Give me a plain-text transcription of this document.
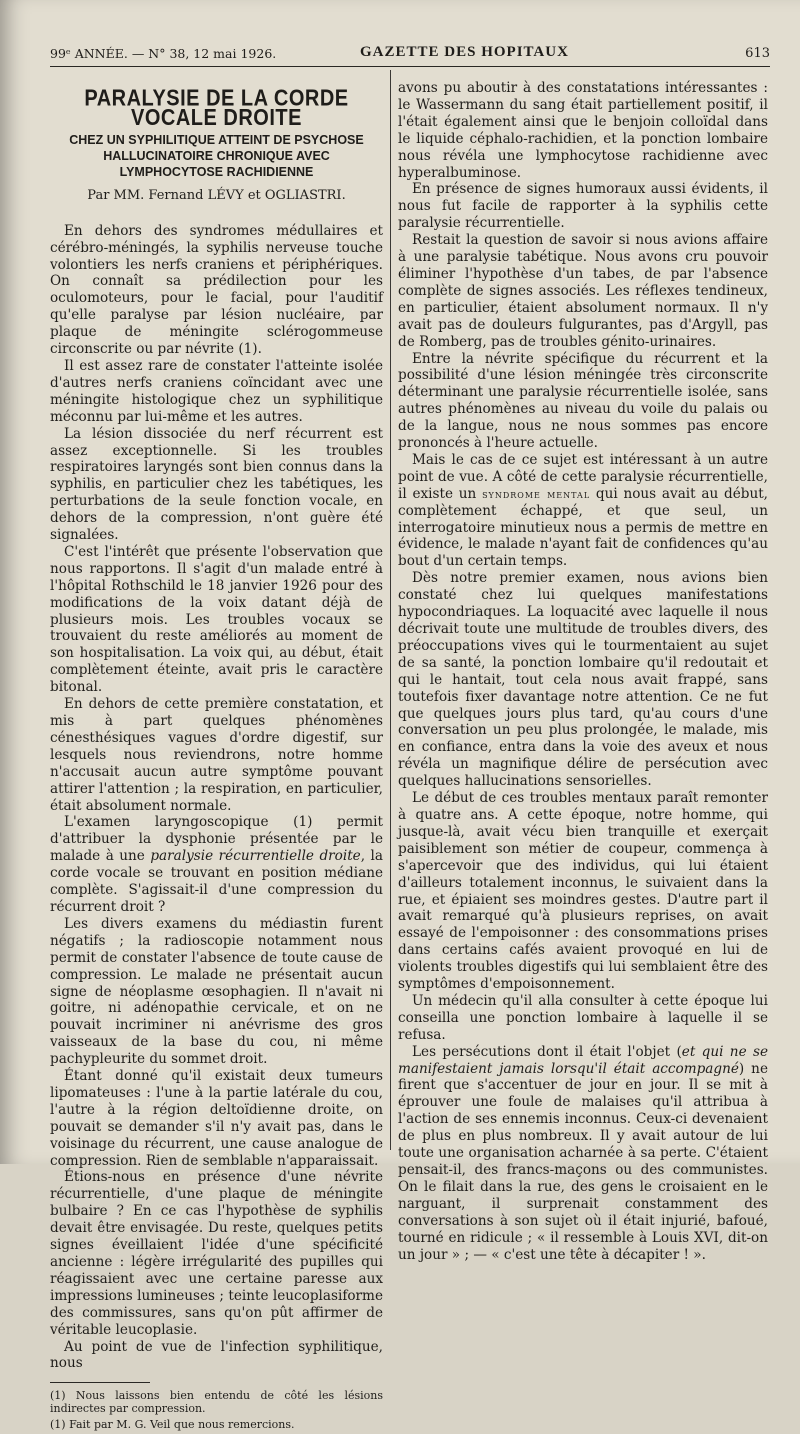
99ᵉ ANNÉE. — N° 38, 12 mai 1926.	GAZETTE DES HOPITAUX	613
PARALYSIE DE LA CORDE VOCALE DROITE
CHEZ UN SYPHILITIQUE ATTEINT DE PSYCHOSE HALLUCINATOIRE CHRONIQUE AVEC LYMPHOCYTOSE RACHIDIENNE
Par MM. Fernand LÉVY et OGLIASTRI.

En dehors des syndromes médullaires et cérébro-méningés, la syphilis nerveuse touche volontiers les nerfs craniens et périphériques. On connaît sa prédilection pour les oculomoteurs, pour le facial, pour l'auditif qu'elle paralyse par lésion nucléaire, par plaque de méningite sclérogommeuse circonscrite ou par névrite (1).

Il est assez rare de constater l'atteinte isolée d'autres nerfs craniens coïncidant avec une méningite histologique chez un syphilitique méconnu par lui-même et les autres.

La lésion dissociée du nerf récurrent est assez exceptionnelle. Si les troubles respiratoires laryngés sont bien connus dans la syphilis, en particulier chez les tabétiques, les perturbations de la seule fonction vocale, en dehors de la compression, n'ont guère été signalées.

C'est l'intérêt que présente l'observation que nous rapportons. Il s'agit d'un malade entré à l'hôpital Rothschild le 18 janvier 1926 pour des modifications de la voix datant déjà de plusieurs mois. Les troubles vocaux se trouvaient du reste améliorés au moment de son hospitalisation. La voix qui, au début, était complètement éteinte, avait pris le caractère bitonal.

En dehors de cette première constatation, et mis à part quelques phénomènes cénesthésiques vagues d'ordre digestif, sur lesquels nous reviendrons, notre homme n'accusait aucun autre symptôme pouvant attirer l'attention ; la respiration, en particulier, était absolument normale.

L'examen laryngoscopique (1) permit d'attribuer la dysphonie présentée par le malade à une paralysie récurrentielle droite, la corde vocale se trouvant en position médiane complète. S'agissait-il d'une compression du récurrent droit ?

Les divers examens du médiastin furent négatifs ; la radioscopie notamment nous permit de constater l'absence de toute cause de compression. Le malade ne présentait aucun signe de néoplasme œsophagien. Il n'avait ni goitre, ni adénopathie cervicale, et on ne pouvait incriminer ni anévrisme des gros vaisseaux de la base du cou, ni même pachypleurite du sommet droit.

Étant donné qu'il existait deux tumeurs lipomateuses : l'une à la partie latérale du cou, l'autre à la région deltoïdienne droite, on pouvait se demander s'il n'y avait pas, dans le voisinage du récurrent, une cause analogue de compression. Rien de semblable n'apparaissait.

Étions-nous en présence d'une névrite récurrentielle, d'une plaque de méningite bulbaire ? En ce cas l'hypothèse de syphilis devait être envisagée. Du reste, quelques petits signes éveillaient l'idée d'une spécificité ancienne : légère irrégularité des pupilles qui réagissaient avec une certaine paresse aux impressions lumineuses ; teinte leucoplasiforme des commissures, sans qu'on pût affirmer de véritable leucoplasie.

Au point de vue de l'infection syphilitique, nous

(1) Nous laissons bien entendu de côté les lésions indirectes par compression.
(1) Fait par M. G. Veil que nous remercions.

avons pu aboutir à des constatations intéressantes : le Wassermann du sang était partiellement positif, il l'était également ainsi que le benjoin colloïdal dans le liquide céphalo-rachidien, et la ponction lombaire nous révéla une lymphocytose rachidienne avec hyperalbuminose.

En présence de signes humoraux aussi évidents, il nous fut facile de rapporter à la syphilis cette paralysie récurrentielle.

Restait la question de savoir si nous avions affaire à une paralysie tabétique. Nous avons cru pouvoir éliminer l'hypothèse d'un tabes, de par l'absence complète de signes associés. Les réflexes tendineux, en particulier, étaient absolument normaux. Il n'y avait pas de douleurs fulgurantes, pas d'Argyll, pas de Romberg, pas de troubles génito-urinaires.

Entre la névrite spécifique du récurrent et la possibilité d'une lésion méningée très circonscrite déterminant une paralysie récurrentielle isolée, sans autres phénomènes au niveau du voile du palais ou de la langue, nous ne nous sommes pas encore prononcés à l'heure actuelle.

Mais le cas de ce sujet est intéressant à un autre point de vue. A côté de cette paralysie récurrentielle, il existe un syndrome mental qui nous avait au début, complètement échappé, et que seul, un interrogatoire minutieux nous a permis de mettre en évidence, le malade n'ayant fait de confidences qu'au bout d'un certain temps.

Dès notre premier examen, nous avions bien constaté chez lui quelques manifestations hypocondriaques. La loquacité avec laquelle il nous décrivait toute une multitude de troubles divers, des préoccupations vives qui le tourmentaient au sujet de sa santé, la ponction lombaire qu'il redoutait et qui le hantait, tout cela nous avait frappé, sans toutefois fixer davantage notre attention. Ce ne fut que quelques jours plus tard, qu'au cours d'une conversation un peu plus prolongée, le malade, mis en confiance, entra dans la voie des aveux et nous révéla un magnifique délire de persécution avec quelques hallucinations sensorielles.

Le début de ces troubles mentaux paraît remonter à quatre ans. A cette époque, notre homme, qui jusque-là, avait vécu bien tranquille et exerçait paisiblement son métier de coupeur, commença à s'apercevoir que des individus, qui lui étaient d'ailleurs totalement inconnus, le suivaient dans la rue, et épiaient ses moindres gestes. D'autre part il avait remarqué qu'à plusieurs reprises, on avait essayé de l'empoisonner : des consommations prises dans certains cafés avaient provoqué en lui de violents troubles digestifs qui lui semblaient être des symptômes d'empoisonnement.

Un médecin qu'il alla consulter à cette époque lui conseilla une ponction lombaire à laquelle il se refusa.

Les persécutions dont il était l'objet (et qui ne se manifestaient jamais lorsqu'il était accompagné) ne firent que s'accentuer de jour en jour. Il se mit à éprouver une foule de malaises qu'il attribua à l'action de ses ennemis inconnus. Ceux-ci devenaient de plus en plus nombreux. Il y avait autour de lui toute une organisation acharnée à sa perte. C'étaient pensait-il, des francs-maçons ou des communistes. On le filait dans la rue, des gens le croisaient en le narguant, il surprenait constamment des conversations à son sujet où il était injurié, bafoué, tourné en ridicule ; « il ressemble à Louis XVI, dit-on un jour » ; — « c'est une tête à décapiter ! ».
